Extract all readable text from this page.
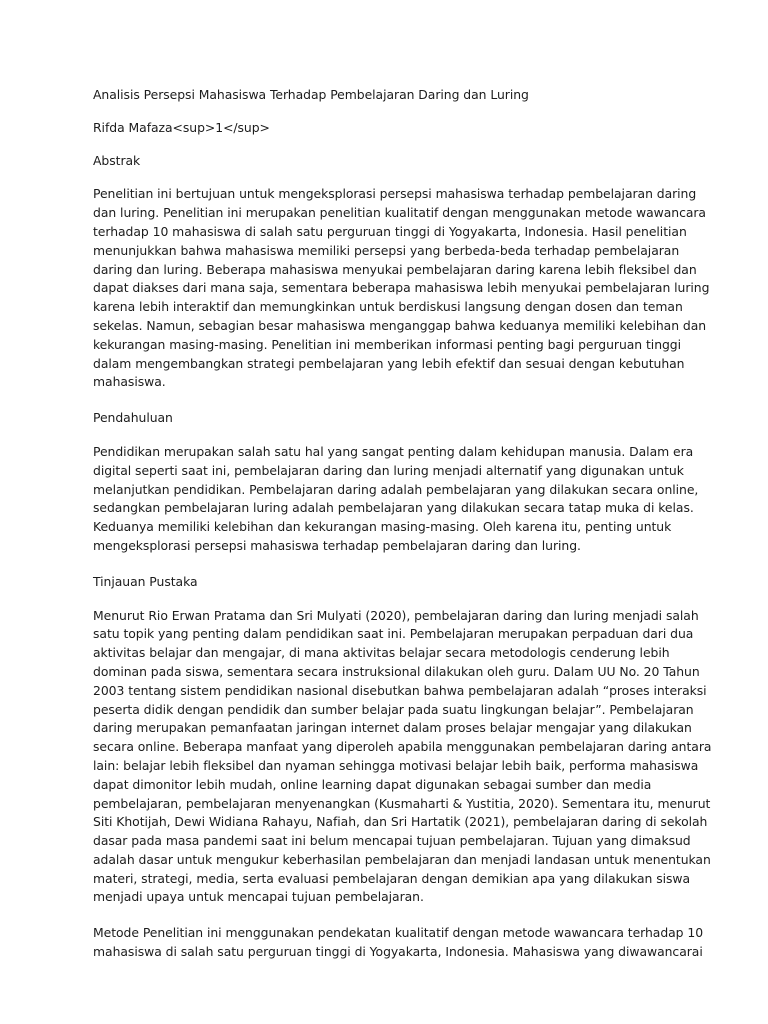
Analisis Persepsi Mahasiswa Terhadap Pembelajaran Daring dan Luring

Rifda Mafaza<sup>1</sup>

Abstrak

Penelitian ini bertujuan untuk mengeksplorasi persepsi mahasiswa terhadap pembelajaran daring
dan luring. Penelitian ini merupakan penelitian kualitatif dengan menggunakan metode wawancara
terhadap 10 mahasiswa di salah satu perguruan tinggi di Yogyakarta, Indonesia. Hasil penelitian
menunjukkan bahwa mahasiswa memiliki persepsi yang berbeda-beda terhadap pembelajaran
daring dan luring. Beberapa mahasiswa menyukai pembelajaran daring karena lebih fleksibel dan
dapat diakses dari mana saja, sementara beberapa mahasiswa lebih menyukai pembelajaran luring
karena lebih interaktif dan memungkinkan untuk berdiskusi langsung dengan dosen dan teman
sekelas. Namun, sebagian besar mahasiswa menganggap bahwa keduanya memiliki kelebihan dan
kekurangan masing-masing. Penelitian ini memberikan informasi penting bagi perguruan tinggi
dalam mengembangkan strategi pembelajaran yang lebih efektif dan sesuai dengan kebutuhan
mahasiswa.

Pendahuluan

Pendidikan merupakan salah satu hal yang sangat penting dalam kehidupan manusia. Dalam era
digital seperti saat ini, pembelajaran daring dan luring menjadi alternatif yang digunakan untuk
melanjutkan pendidikan. Pembelajaran daring adalah pembelajaran yang dilakukan secara online,
sedangkan pembelajaran luring adalah pembelajaran yang dilakukan secara tatap muka di kelas.
Keduanya memiliki kelebihan dan kekurangan masing-masing. Oleh karena itu, penting untuk
mengeksplorasi persepsi mahasiswa terhadap pembelajaran daring dan luring.

Tinjauan Pustaka

Menurut Rio Erwan Pratama dan Sri Mulyati (2020), pembelajaran daring dan luring menjadi salah
satu topik yang penting dalam pendidikan saat ini. Pembelajaran merupakan perpaduan dari dua
aktivitas belajar dan mengajar, di mana aktivitas belajar secara metodologis cenderung lebih
dominan pada siswa, sementara secara instruksional dilakukan oleh guru. Dalam UU No. 20 Tahun
2003 tentang sistem pendidikan nasional disebutkan bahwa pembelajaran adalah “proses interaksi
peserta didik dengan pendidik dan sumber belajar pada suatu lingkungan belajar”. Pembelajaran
daring merupakan pemanfaatan jaringan internet dalam proses belajar mengajar yang dilakukan
secara online. Beberapa manfaat yang diperoleh apabila menggunakan pembelajaran daring antara
lain: belajar lebih fleksibel dan nyaman sehingga motivasi belajar lebih baik, performa mahasiswa
dapat dimonitor lebih mudah, online learning dapat digunakan sebagai sumber dan media
pembelajaran, pembelajaran menyenangkan (Kusmaharti & Yustitia, 2020). Sementara itu, menurut
Siti Khotijah, Dewi Widiana Rahayu, Nafiah, dan Sri Hartatik (2021), pembelajaran daring di sekolah
dasar pada masa pandemi saat ini belum mencapai tujuan pembelajaran. Tujuan yang dimaksud
adalah dasar untuk mengukur keberhasilan pembelajaran dan menjadi landasan untuk menentukan
materi, strategi, media, serta evaluasi pembelajaran dengan demikian apa yang dilakukan siswa
menjadi upaya untuk mencapai tujuan pembelajaran.

Metode Penelitian ini menggunakan pendekatan kualitatif dengan metode wawancara terhadap 10
mahasiswa di salah satu perguruan tinggi di Yogyakarta, Indonesia. Mahasiswa yang diwawancarai
